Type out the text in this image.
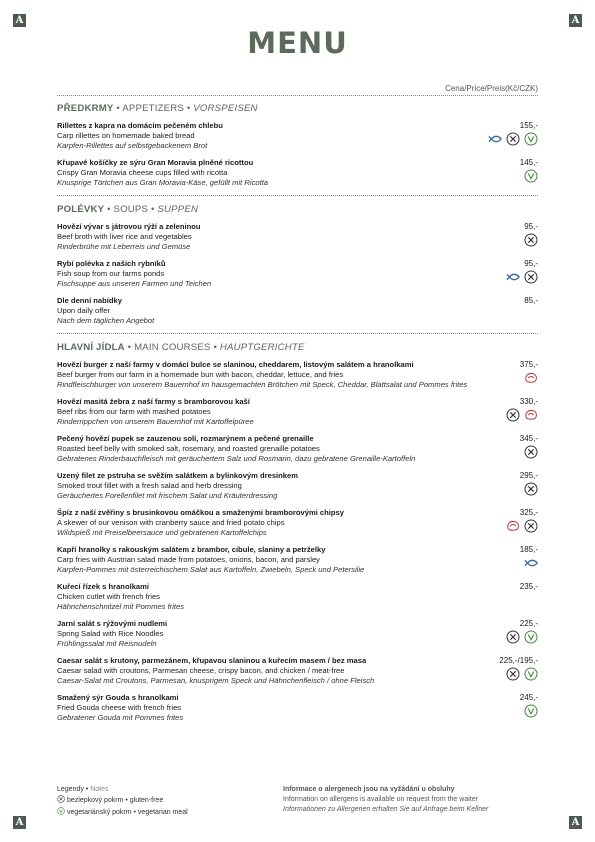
A	A
A	A
MENU
Cena/Price/Preis(Kč/CZK)
PŘEDKRMY • APPETIZERS • VORSPEISEN
Rillettes z kapra na domácím pečeném chlebu
Carp rillettes on homemade baked bread
Karpfen-Rillettes auf selbstgebackenem Brot
155,-
Křupavé košíčky ze sýru Gran Moravia plněné ricottou
Crispy Gran Moravia cheese cups filled with ricotta
Knusprige Törtchen aus Gran Moravia-Käse, gefüllt mit Ricotta
145,-
POLÉVKY • SOUPS • SUPPEN
Hovězí vývar s játrovou rýží a zeleninou
Beef broth with liver rice and vegetables
Rinderbrühe mit Leberreis und Gemüse
95,-
Rybí polévka z našich rybníků
Fish soup from our farms ponds
Fischsuppe aus unseren Farmen und Teichen
95,-
Dle denní nabídky
Upon daily offer
Nach dem täglichen Angebot
85,-
HLAVNÍ JÍDLA • MAIN COURSES • HAUPTGERICHTE
Hovězí burger z naší farmy v domácí bulce se slaninou, cheddarem, listovým salátem a hranolkami
Beef burger from our farm in a homemade bun with bacon, cheddar, lettuce, and fries
Rindfleischburger von unserem Bauernhof im hausgemachten Brötchen mit Speck, Cheddar, Blattsalat und Pommes frites
375,-
Hovězí masitá žebra z naší farmy s bramborovou kaší
Beef ribs from our farm with mashed potatoes
Rinderrippchen von unserem Bauernhof mit Kartoffelpüree
330,-
Pečený hovězí pupek se zauzenou solí, rozmarýnem a pečené grenaille
Roasted beef belly with smoked salt, rosemary, and roasted grenaille potatoes
Gebratenes Rinderbauchfleisch mit geräuchertem Salz und Rosmarin, dazu gebratene Grenaille-Kartoffeln
345,-
Uzený filet ze pstruha se svěžím salátkem a bylinkovým dresinkem
Smoked trout fillet with a fresh salad and herb dressing
Geräuchertes Forellenfilet mit frischem Salat und Kräuterdressing
295,-
Špíz z naší zvěřiny s brusinkovou omáčkou a smaženými bramborovými chipsy
A skewer of our venison with cranberry sauce and fried potato chips
Wildspieß mit Preiselbeersauce und gebratenen Kartoffelchips
325,-
Kapří hranolky s rakouským salátem z brambor, cibule, slaniny a petrželky
Carp fries with Austrian salad made from potatoes, onions, bacon, and parsley
Karpfen-Pommes mit österreichischem Salat aus Kartoffeln, Zwiebeln, Speck und Petersilie
185,-
Kuřecí řízek s hranolkami
Chicken cutlet with french fries
Hähnchenschnitzel mit Pommes frites
235,-
Jarní salát s rýžovými nudlemi
Spring Salad with Rice Noodles
Frühlingssalat mit Reisnudeln
225,-
Caesar salát s krutony, parmezánem, křupavou slaninou a kuřecím masem / bez masa
Caesar salad with croutons, Parmesan cheese, crispy bacon, and chicken / meat-free
Caesar-Salat mit Croutons, Parmesan, knusprigem Speck und Hähnchenfleisch / ohne Fleisch
225,-/195,-
Smažený sýr Gouda s hranolkami
Fried Gouda cheese with french fries
Gebratener Gouda mit Pommes frites
245,-
Legendy • Notes
bezlepkový pokrm • gluten-free
vegetariánský pokrm • vegetarian meal
Informace o alergenech jsou na vyžádání u obsluhy
Information on allergens is available on request from the waiter
Informationen zu Allergenen erhalten Sie auf Anfrage beim Kellner
